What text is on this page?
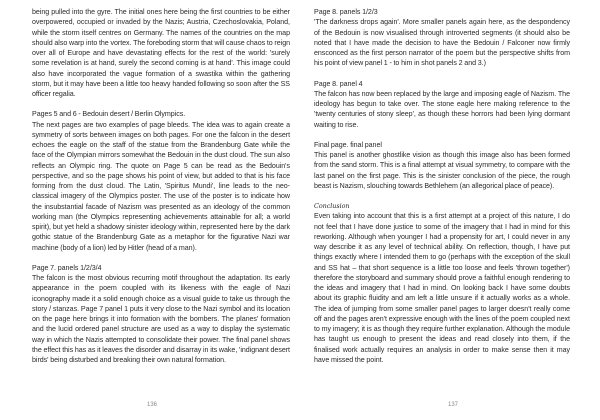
being pulled into the gyre. The initial ones here being the first countries to be either overpowered, occupied or invaded by the Nazis; Austria, Czechoslovakia, Poland, while the storm itself centres on Germany. The names of the countries on the map should also warp into the vortex. The foreboding storm that will cause chaos to reign over all of Europe and have devastating effects for the rest of the world: 'surely some revelation is at hand, surely the second coming is at hand'. This image could also have incorporated the vague formation of a swastika within the gathering storm, but it may have been a little too heavy handed following so soon after the SS officer regalia.

Pages 5 and 6 - Bedouin desert / Berlin Olympics.

The next pages are two examples of page bleeds. The idea was to again create a symmetry of sorts between images on both pages. For one the falcon in the desert echoes the eagle on the staff of the statue from the Brandenburg Gate while the face of the Olympian mirrors somewhat the Bedouin in the dust cloud. The sun also reflects an Olympic ring. The quote on Page 5 can be read as the Bedouin's perspective, and so the page shows his point of view, but added to that is his face forming from the dust cloud. The Latin, 'Spiritus Mundi', line leads to the neo-classical imagery of the Olympics poster. The use of the poster is to indicate how the insubstantial facade of Nazism was presented as an ideology of the common working man (the Olympics representing achievements attainable for all; a world spirit), but yet held a shadowy sinister ideology within, represented here by the dark gothic statue of the Brandenburg Gate as a metaphor for the figurative Nazi war machine (body of a lion) led by Hitler (head of a man).

Page 7. panels 1/2/3/4

The falcon is the most obvious recurring motif throughout the adaptation. Its early appearance in the poem coupled with its likeness with the eagle of Nazi iconography made it a solid enough choice as a visual guide to take us through the story / stanzas. Page 7 panel 1 puts it very close to the Nazi symbol and its location on the page here brings it into formation with the bombers. The planes' formation and the lucid ordered panel structure are used as a way to display the systematic way in which the Nazis attempted to consolidate their power. The final panel shows the effect this has as it leaves the disorder and disarray in its wake, 'indignant desert birds' being disturbed and breaking their own natural formation.

Page 8. panels 1/2/3

'The darkness drops again'. More smaller panels again here, as the despondency of the Bedouin is now visualised through introverted segments (it should also be noted that I have made the decision to have the Bedouin / Falconer now firmly ensconced as the first person narrator of the poem but the perspective shifts from his point of view panel 1 - to him in shot panels 2 and 3.)

Page 8. panel 4

The falcon has now been replaced by the large and imposing eagle of Nazism. The ideology has begun to take over. The stone eagle here making reference to the 'twenty centuries of stony sleep', as though these horrors had been lying dormant waiting to rise.

Final page. final panel

This panel is another ghostlike vision as though this image also has been formed from the sand storm. This is a final attempt at visual symmetry, to compare with the last panel on the first page. This is the sinister conclusion of the piece, the rough beast is Nazism, slouching towards Bethlehem (an allegorical place of peace).

Conclusion

Even taking into account that this is a first attempt at a project of this nature, I do not feel that I have done justice to some of the imagery that I had in mind for this reworking. Although when younger I had a propensity for art, I could never in any way describe it as any level of technical ability. On reflection, though, I have put things exactly where I intended them to go (perhaps with the exception of the skull and SS hat – that short sequence is a little too loose and feels 'thrown together') therefore the storyboard and summary should prove a faithful enough rendering to the ideas and imagery that I had in mind. On looking back I have some doubts about its graphic fluidity and am left a little unsure if it actually works as a whole. The idea of jumping from some smaller panel pages to larger doesn't really come off and the pages aren't expressive enough with the lines of the poem coupled next to my imagery; it is as though they require further explanation. Although the module has taught us enough to present the ideas and read closely into them, if the finalised work actually requires an analysis in order to make sense then it may have missed the point.

136	137
